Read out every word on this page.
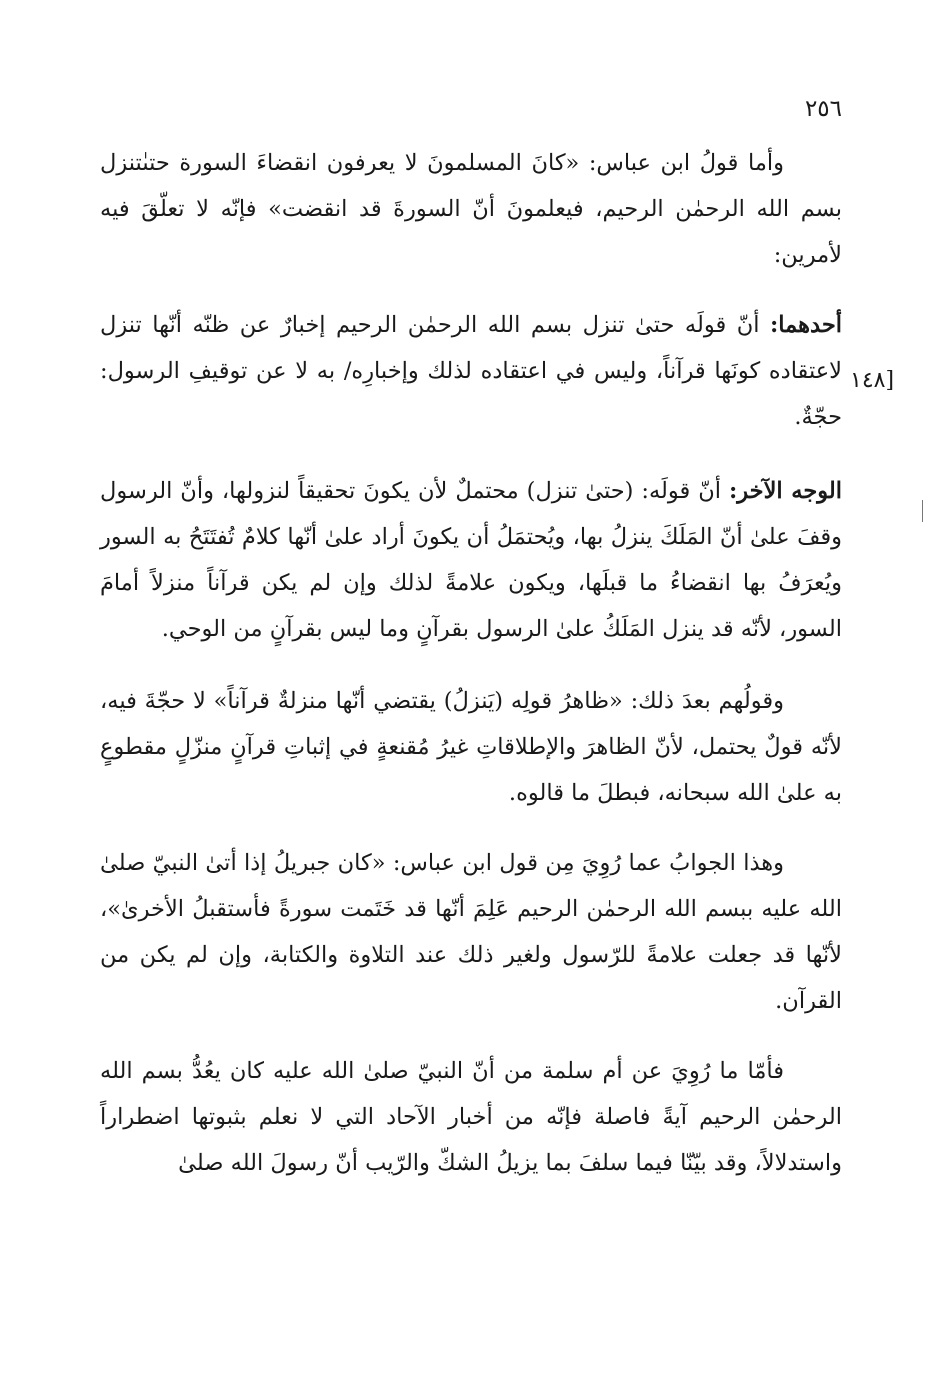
٢٥٦

وأما قولُ ابن عباس: «كانَ المسلمونَ لا يعرفون انقضاءَ السورة حتىٰتنزل بسم الله الرحمٰن الرحيم، فيعلمونَ أنّ السورةَ قد انقضت» فإنّه لا تعلّقَ فيه لأمرين:

أحدهما: أنّ قولَه حتىٰ تنزل بسم الله الرحمٰن الرحيم إخبارٌ عن ظنّه أنّها تنزل لاعتقاده كونَها قرآناً، وليس في اعتقاده لذلك وإخبارِه/ به لا عن توقيفِ الرسول: حجّةٌ.

الوجه الآخر: أنّ قولَه: (حتىٰ تنزل) محتملٌ لأن يكونَ تحقيقاً لنزولها، وأنّ الرسول وقفَ علىٰ أنّ المَلَكَ ينزلُ بها، ويُحتمَلُ أن يكونَ أراد علىٰ أنّها كلامٌ تُفتَتَحُ به السور ويُعرَفُ بها انقضاءُ ما قبلَها، ويكون علامةً لذلك وإن لم يكن قرآناً منزلاً أمامَ السور، لأنّه قد ينزل المَلَكُ علىٰ الرسول بقرآنٍ وما ليس بقرآنٍ من الوحي.

وقولُهم بعدَ ذلك: «ظاهرُ قولِه (يَنزلُ) يقتضي أنّها منزلةٌ قرآناً» لا حجّةَ فيه، لأنّه قولٌ يحتمل، لأنّ الظاهرَ والإطلاقاتِ غيرُ مُقنعةٍ في إثباتِ قرآنٍ منزّلٍ مقطوعٍ به علىٰ الله سبحانه، فبطلَ ما قالوه.

وهذا الجوابُ عما رُوِيَ مِن قول ابن عباس: «كان جبريلُ إذا أتىٰ النبيّ صلىٰ الله عليه ببسم الله الرحمٰن الرحيم عَلِمَ أنّها قد خَتَمت سورةً فأستقبلُ الأخرىٰ»، لأنّها قد جعلت علامةً للرّسول ولغير ذلك عند التلاوة والكتابة، وإن لم يكن من القرآن.

فأمّا ما رُوِيَ عن أم سلمة من أنّ النبيّ صلىٰ الله عليه كان يعُدُّ بسم الله الرحمٰن الرحيم آيةً فاصلة فإنّه من أخبار الآحاد التي لا نعلم بثبوتها اضطراراً واستدلالاً، وقد بيّنّا فيما سلفَ بما يزيلُ الشكّ والرّيب أنّ رسولَ الله صلىٰ

[١٤٨
